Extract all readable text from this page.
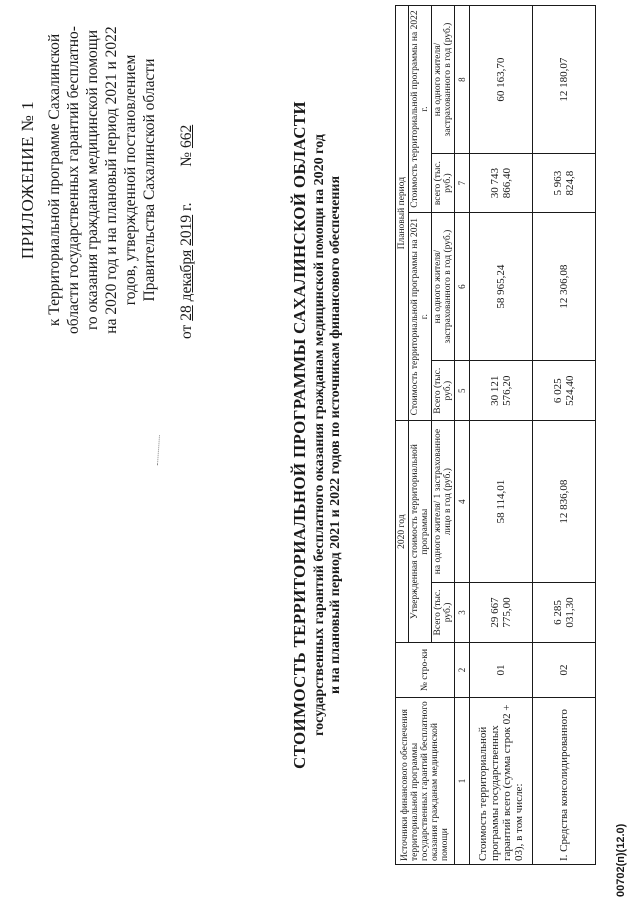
ПРИЛОЖЕНИЕ № 1 к Территориальной программе Сахалинской области государственных гарантий бесплатно- го оказания гражданам медицинской помощи на 2020 год и на плановый период 2021 и 2022 годов, утвержденной постановлением Правительства Сахалинской области
от 28 декабря 2019 г.  № 662	СТОИМОСТЬ ТЕРРИТОРИАЛЬНОЙ ПРОГРАММЫ САХАЛИНСКОЙ ОБЛАСТИ государственных гарантий бесплатного оказания гражданам медицинской помощи на 2020 год и на плановый период 2021 и 2022 годов по источникам финансового обеспечения
Источники финансового обеспечения территориальной программы государственных гарантий бесплатного оказания гражданам медицинской помощи	№ стро-ки	2020 год		Плановый период			
		Утвержденная стоимость территориальной программы		Стоимость территориальной программы на 2021 г.		Стоимость территориальной программы на 2022 г.	
		Всего (тыс. руб.)	на одного жителя/ 1 застрахованное лицо в год (руб.)	Всего (тыс. руб.)	на одного жителя/ застрахованного в год (руб.)	всего (тыс. руб.)	на одного жителя/ застрахованного в год (руб.)
1	2	3	4	5	6	7	8
Стоимость территориальной программы государственных гарантий всего (сумма строк 02 + 03), в том числе:	01	29 667 775,00	58 114,01	30 121 576,20	58 965,24	30 743 866,40	60 163,70
I. Средства консолидированного	02	6 285 031,30	12 836,08	6 025 524,40	12 306,08	5 963 824,8	12 180,07
00702(п)(12.0)
